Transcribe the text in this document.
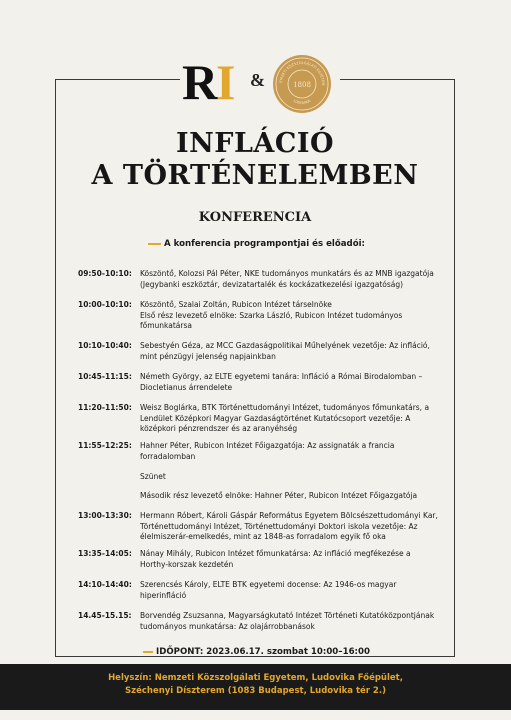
R
I &	EMZETI KÖZSZOLGÁLATI EGYETEM
LUDOVIKA
1808
INFLÁCIÓ
A TÖRTÉNELEMBEN
KONFERENCIA
A konferencia programpontjai és előadói:
09:50-10:10:	Köszöntő, Kolozsi Pál Péter, NKE tudományos munkatárs és az MNB igazgatója
(Jegybanki eszköztár, devizatartalék és kockázatkezelési igazgatóság)
10:00-10:10:	Köszöntő, Szalai Zoltán, Rubicon Intézet társelnöke
Első rész levezető elnöke: Szarka László, Rubicon Intézet tudományos
főmunkatársa
10:10-10:40:	Sebestyén Géza, az MCC Gazdaságpolitikai Műhelyének vezetője: Az infláció,
mint pénzügyi jelenség napjainkban
10:45-11:15:	Németh György, az ELTE egyetemi tanára: Infláció a Római Birodalomban –
Diocletianus árrendelete
11:20-11:50:	Weisz Boglárka, BTK Történettudományi Intézet, tudományos főmunkatárs, a
Lendület Középkori Magyar Gazdaságtörténet Kutatócsoport vezetője: A
középkori pénzrendszer és az aranyéhség
11:55-12:25:	Hahner Péter, Rubicon Intézet Főigazgatója: Az assignaták a francia
forradalomban
Szünet
Második rész levezető elnöke: Hahner Péter, Rubicon Intézet Főigazgatója
13:00-13:30:	Hermann Róbert, Károli Gáspár Református Egyetem Bölcsészettudományi Kar,
Történettudományi Intézet, Történettudományi Doktori iskola vezetője: Az
élelmiszerár-emelkedés, mint az 1848-as forradalom egyik fő oka
13:35-14:05:	Nánay Mihály, Rubicon Intézet főmunkatársa: Az infláció megfékezése a
Horthy-korszak kezdetén
14:10-14:40:	Szerencsés Károly, ELTE BTK egyetemi docense: Az 1946-os magyar
hiperinfláció
14.45-15.15:	Borvendég Zsuzsanna, Magyarságkutató Intézet Történeti Kutatóközpontjának
tudományos munkatársa: Az olajárrobbanások
IDŐPONT: 2023.06.17. szombat 10:00–16:00
Helyszín: Nemzeti Közszolgálati Egyetem, Ludovika Főépület,
Széchenyi Díszterem (1083 Budapest, Ludovika tér 2.)
